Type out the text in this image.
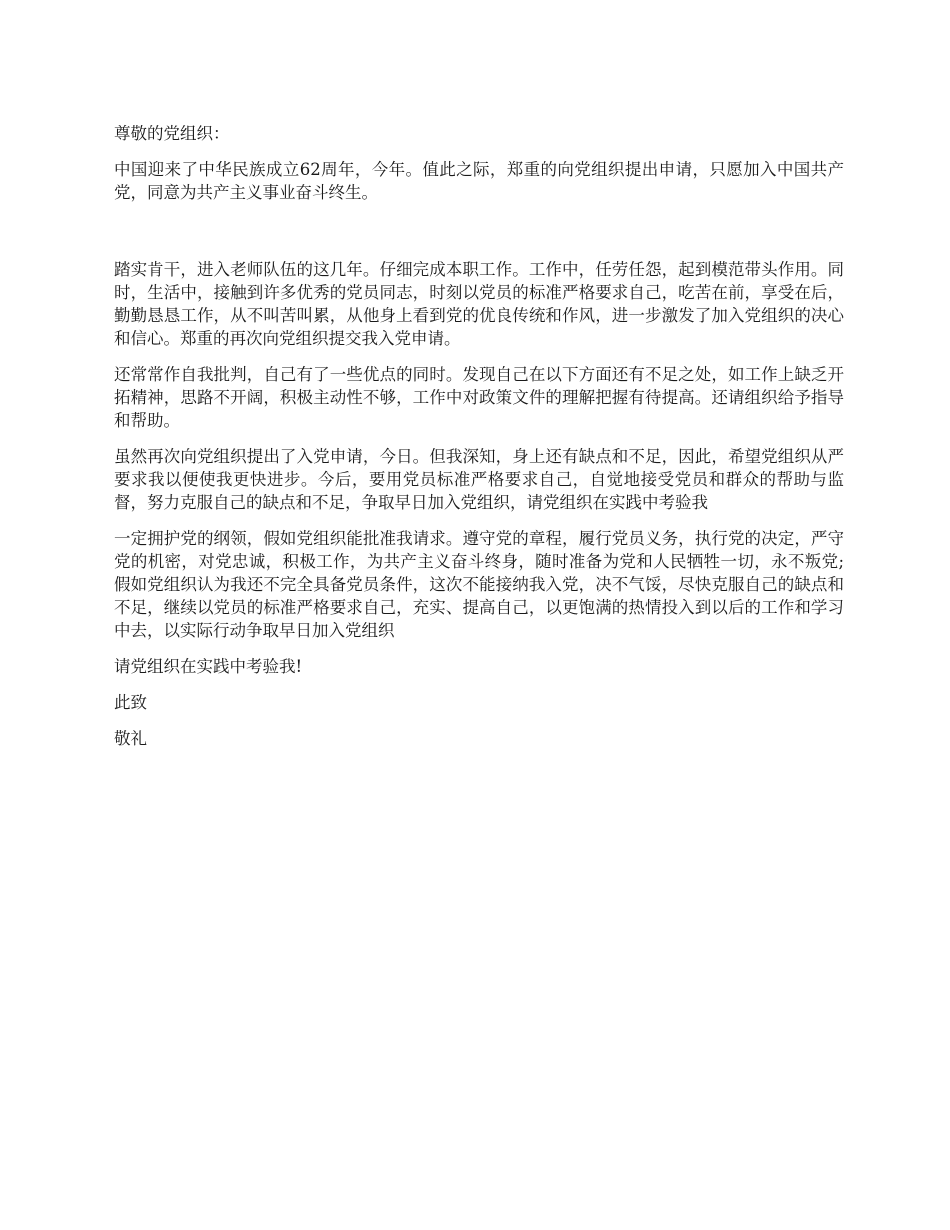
尊敬的党组织：

中国迎来了中华民族成立62周年，今年。值此之际，郑重的向党组织提出申请，只愿加入中国共产党，同意为共产主义事业奋斗终生。

踏实肯干，进入老师队伍的这几年。仔细完成本职工作。工作中，任劳任怨，起到模范带头作用。同时，生活中，接触到许多优秀的党员同志，时刻以党员的标准严格要求自己，吃苦在前，享受在后，勤勤恳恳工作，从不叫苦叫累，从他身上看到党的优良传统和作风，进一步激发了加入党组织的决心和信心。郑重的再次向党组织提交我入党申请。

还常常作自我批判，自己有了一些优点的同时。发现自己在以下方面还有不足之处，如工作上缺乏开拓精神，思路不开阔，积极主动性不够，工作中对政策文件的理解把握有待提高。还请组织给予指导和帮助。

虽然再次向党组织提出了入党申请，今日。但我深知，身上还有缺点和不足，因此，希望党组织从严要求我以便使我更快进步。今后，要用党员标准严格要求自己，自觉地接受党员和群众的帮助与监督，努力克服自己的缺点和不足，争取早日加入党组织，请党组织在实践中考验我

一定拥护党的纲领，假如党组织能批准我请求。遵守党的章程，履行党员义务，执行党的决定，严守党的机密，对党忠诚，积极工作，为共产主义奋斗终身，随时准备为党和人民牺牲一切，永不叛党;假如党组织认为我还不完全具备党员条件，这次不能接纳我入党，决不气馁，尽快克服自己的缺点和不足，继续以党员的标准严格要求自己，充实、提高自己，以更饱满的热情投入到以后的工作和学习中去，以实际行动争取早日加入党组织

请党组织在实践中考验我!

此致

敬礼
